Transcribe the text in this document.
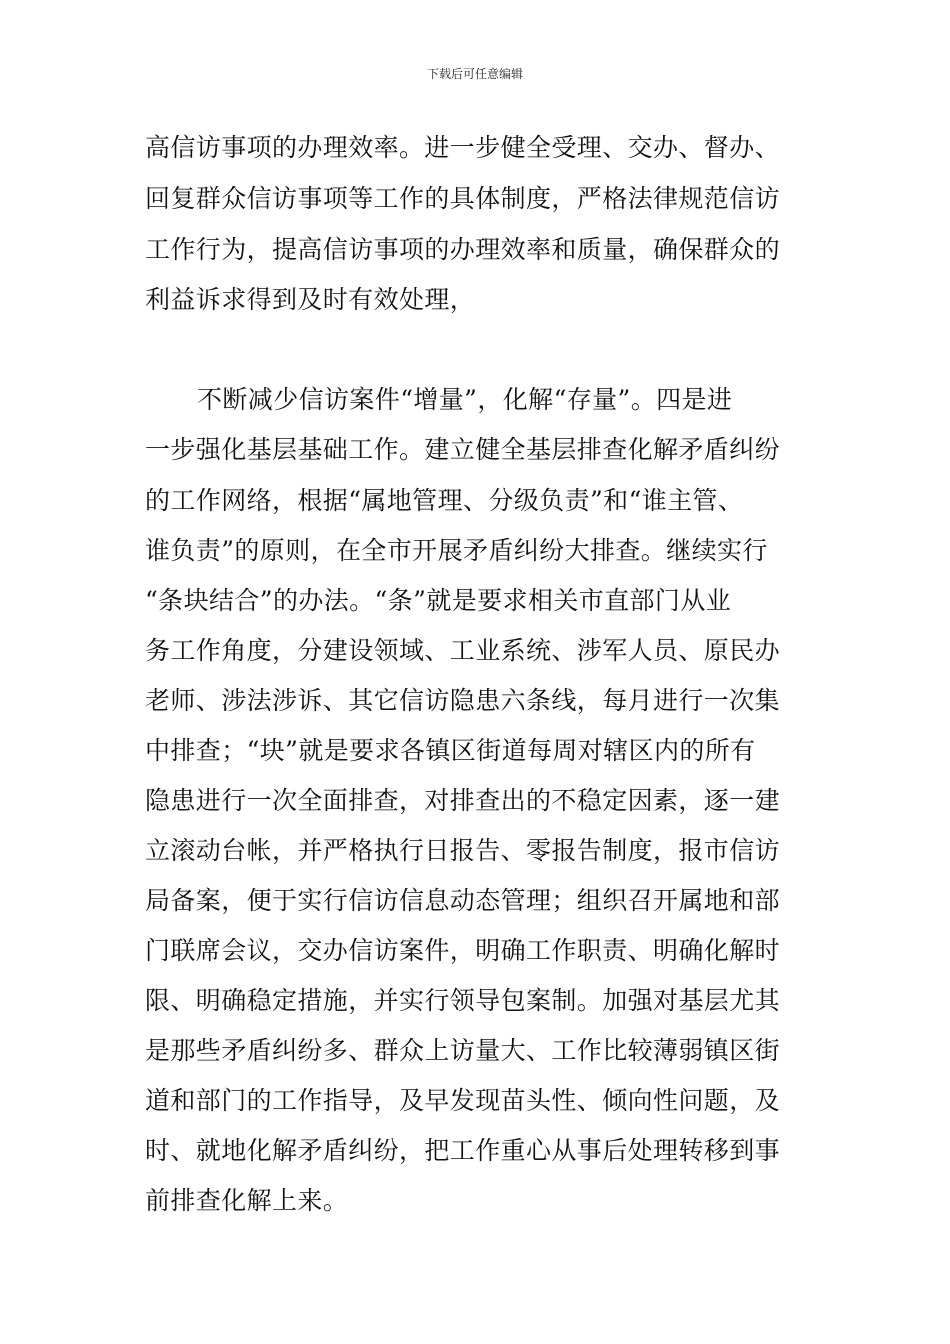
下载后可任意编辑
高信访事项的办理效率。进一步健全受理、交办、督办、
回复群众信访事项等工作的具体制度，严格法律规范信访
工作行为，提高信访事项的办理效率和质量，确保群众的
利益诉求得到及时有效处理，
不断减少信访案件“增量”，化解“存量”。四是进
一步强化基层基础工作。建立健全基层排查化解矛盾纠纷
的工作网络，根据“属地管理、分级负责”和“谁主管、
谁负责”的原则，在全市开展矛盾纠纷大排查。继续实行
“条块结合”的办法。“条”就是要求相关市直部门从业
务工作角度，分建设领域、工业系统、涉军人员、原民办
老师、涉法涉诉、其它信访隐患六条线，每月进行一次集
中排查；“块”就是要求各镇区街道每周对辖区内的所有
隐患进行一次全面排查，对排查出的不稳定因素，逐一建
立滚动台帐，并严格执行日报告、零报告制度，报市信访
局备案，便于实行信访信息动态管理；组织召开属地和部
门联席会议，交办信访案件，明确工作职责、明确化解时
限、明确稳定措施，并实行领导包案制。加强对基层尤其
是那些矛盾纠纷多、群众上访量大、工作比较薄弱镇区街
道和部门的工作指导，及早发现苗头性、倾向性问题，及
时、就地化解矛盾纠纷，把工作重心从事后处理转移到事
前排查化解上来。
